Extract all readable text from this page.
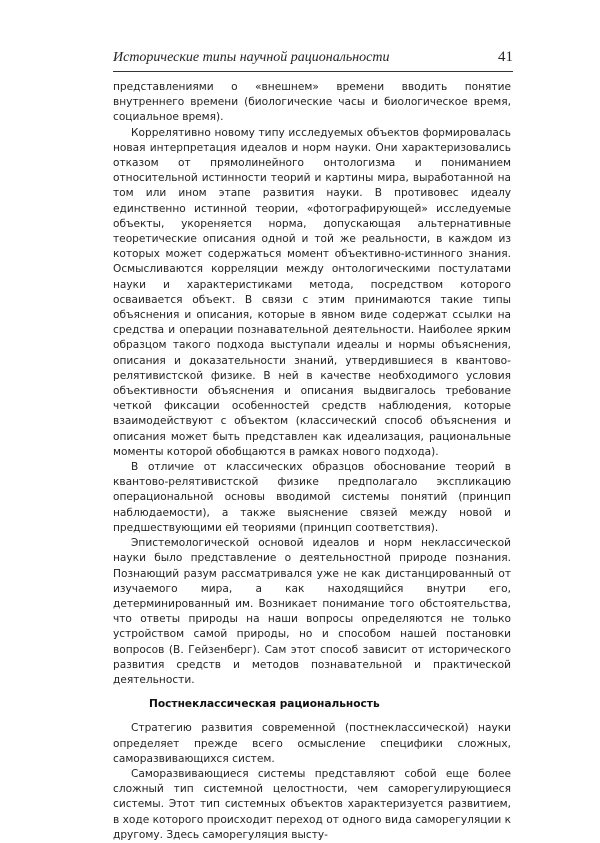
Исторические типы научной рациональности	41

представлениями о «внешнем» времени вводить понятие внутреннего времени (биологические часы и биологическое время, социальное время).

Коррелятивно новому типу исследуемых объектов формировалась новая интерпретация идеалов и норм науки. Они характеризовались отказом от прямолинейного онтологизма и пониманием относительной истинности теорий и картины мира, выработанной на том или ином этапе развития науки. В противовес идеалу единственно истинной теории, «фотографирующей» исследуемые объекты, укореняется норма, допускающая альтернативные теоретические описания одной и той же реальности, в каждом из которых может содержаться момент объективно-истинного знания. Осмысливаются корреляции между онтологическими постулатами науки и характеристиками метода, посредством которого осваивается объект. В связи с этим принимаются такие типы объяснения и описания, которые в явном виде содержат ссылки на средства и операции познавательной деятельности. Наиболее ярким образцом такого подхода выступали идеалы и нормы объяснения, описания и доказательности знаний, утвердившиеся в квантово-релятивистской физике. В ней в качестве необходимого условия объективности объяснения и описания выдвигалось требование четкой фиксации особенностей средств наблюдения, которые взаимодействуют с объектом (классический способ объяснения и описания может быть представлен как идеализация, рациональные моменты которой обобщаются в рамках нового подхода).

В отличие от классических образцов обоснование теорий в квантово-релятивистской физике предполагало экспликацию операциональной основы вводимой системы понятий (принцип наблюдаемости), а также выяснение связей между новой и предшествующими ей теориями (принцип соответствия).

Эпистемологической основой идеалов и норм неклассической науки было представление о деятельностной природе познания. Познающий разум рассматривался уже не как дистанцированный от изучаемого мира, а как находящийся внутри его, детерминированный им. Возникает понимание того обстоятельства, что ответы природы на наши вопросы определяются не только устройством самой природы, но и способом нашей постановки вопросов (В. Гейзенберг). Сам этот способ зависит от исторического развития средств и методов познавательной и практической деятельности.

Постнеклассическая рациональность

Стратегию развития современной (постнеклассической) науки определяет прежде всего осмысление специфики сложных, саморазвивающихся систем.

Саморазвивающиеся системы представляют собой еще более сложный тип системной целостности, чем саморегулирующиеся системы. Этот тип системных объектов характеризуется развитием, в ходе которого происходит переход от одного вида саморегуляции к другому. Здесь саморегуляция высту-
